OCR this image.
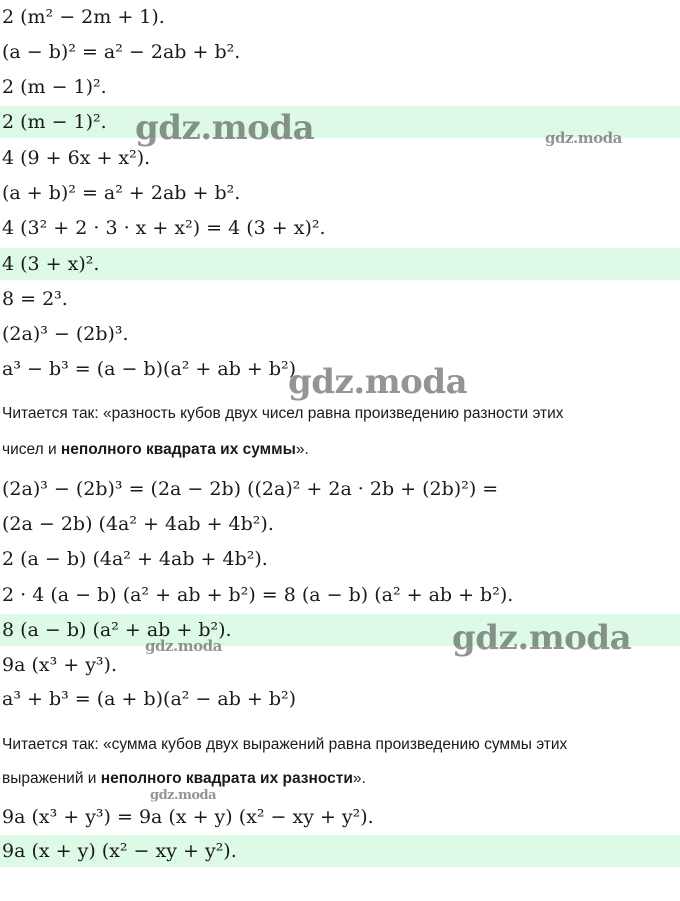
2 (m² − 2m + 1).
(a − b)² = a² − 2ab + b².
2 (m − 1)².
2 (m − 1)².
4 (9 + 6x + x²).
(a + b)² = a² + 2ab + b².
4 (3² + 2 · 3 · x + x²) = 4 (3 + x)².
4 (3 + x)².
8 = 2³.
(2a)³ − (2b)³.
a³ − b³ = (a − b)(a² + ab + b²)
Читается так: «разность кубов двух чисел равна произведению разности этих
чисел и неполного квадрата их суммы».
(2a)³ − (2b)³ = (2a − 2b) ((2a)² + 2a · 2b + (2b)²) =
(2a − 2b) (4a² + 4ab + 4b²).
2 (a − b) (4a² + 4ab + 4b²).
2 · 4 (a − b) (a² + ab + b²) = 8 (a − b) (a² + ab + b²).
8 (a − b) (a² + ab + b²).
9a (x³ + y³).
a³ + b³ = (a + b)(a² − ab + b²)
Читается так: «сумма кубов двух выражений равна произведению суммы этих
выражений и неполного квадрата их разности».
9a (x³ + y³) = 9a (x + y) (x² − xy + y²).
9a (x + y) (x² − xy + y²).
gdz.moda	gdz.moda
gdz.moda
gdz.moda
gdz.moda
gdz.moda
